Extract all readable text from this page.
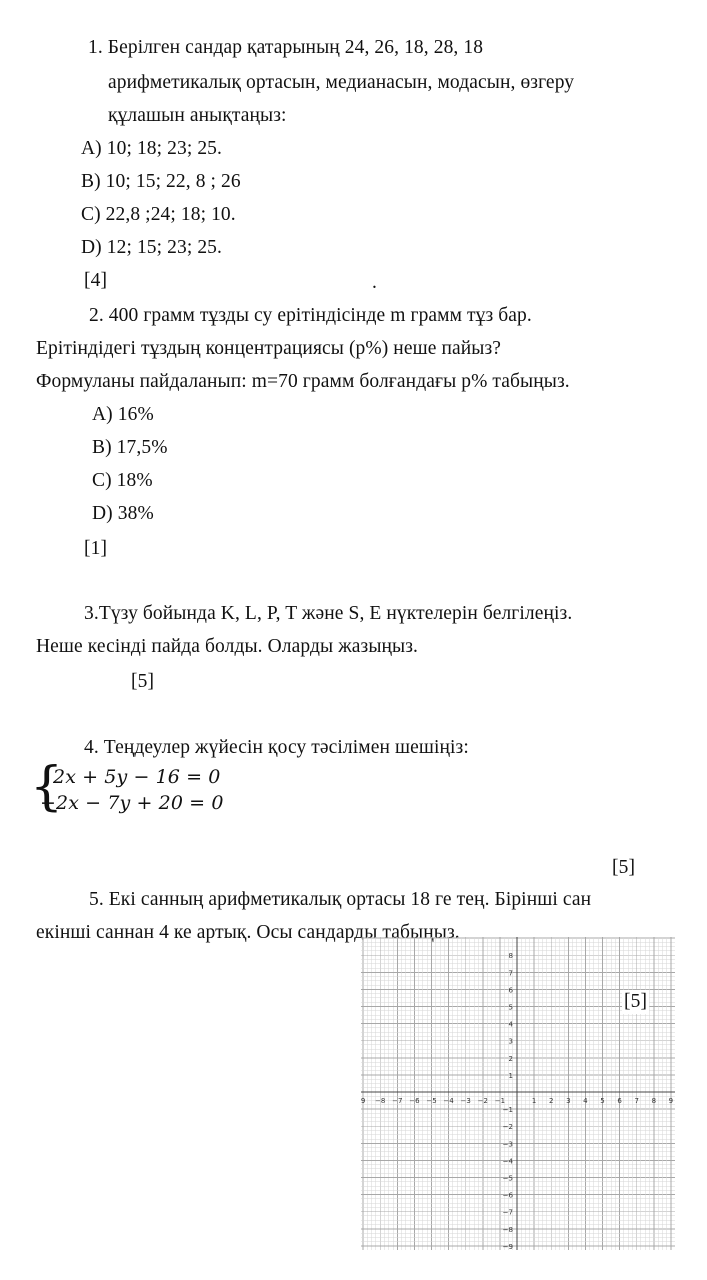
1. Берілген сандар қатарының 24, 26, 18, 28, 18
арифметикалық ортасын, медианасын, модасын, өзгеру
құлашын анықтаңыз:
A) 10; 18; 23; 25.
B) 10; 15; 22, 8 ; 26
C) 22,8 ;24; 18; 10.
D) 12; 15; 23; 25.
[4]	.
2. 400 грамм тұзды су ерітіндісінде m грамм тұз бар.
Ерітіндідегі тұздың концентрациясы (p%) неше пайыз?
Формуланы пайдаланып: m=70 грамм болғандағы p% табыңыз.
A) 16%
B) 17,5%
C) 18%
D) 38%
[1]
3.Түзу бойында K, L, P, T және S, E нүктелерін белгілеңіз.
Неше кесінді пайда болды. Оларды жазыңыз.
[5]
4. Теңдеулер жүйесін қосу тәсілімен шешіңіз:
{
2x + 5y − 16 = 0
−2x − 7y + 20 = 0
[5]
5. Екі санның арифметикалық ортасы 18 ге тең. Бірінші сан
екінші саннан 4 ке артық. Осы сандарды табыңыз.
9 −8 −7 −6 −5 −4 −3 −2 −1	1 2 3 4 5 6 7 8 9
8
7
6
5
4
3
2
1
−1
−2
−3
−4
−5
−6
−7
−8
−9
[5]
